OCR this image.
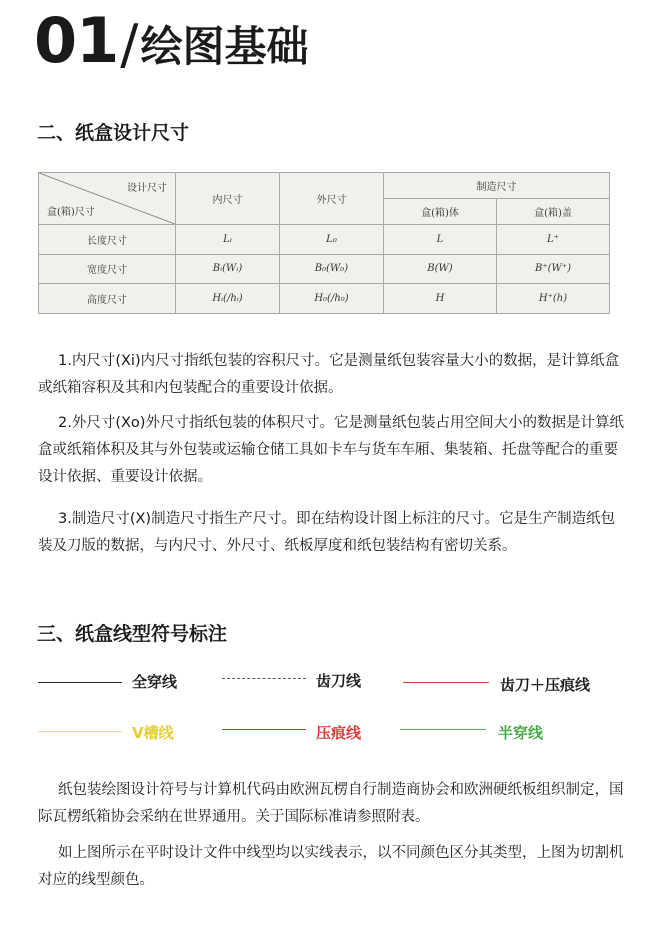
01 / 绘图基础
二、纸盒设计尺寸
设计尺寸
盒(箱)尺寸	内尺寸	外尺寸	制造尺寸	
			盒(箱)体	盒(箱)盖
长度尺寸	Lᵢ	L₀	L	L⁺
宽度尺寸	Bᵢ(Wᵢ)	B₀(W₀)	B(W)	B⁺(W⁺)
高度尺寸	Hᵢ(/hᵢ)	H₀(/h₀)	H	H⁺(h)

1.内尺寸(Xi)内尺寸指纸包装的容积尺寸。它是测量纸包装容量大小的数据，是计算纸盒或纸箱容积及其和内包装配合的重要设计依据。

2.外尺寸(Xo)外尺寸指纸包装的体积尺寸。它是测量纸包装占用空间大小的数据是计算纸盒或纸箱体积及其与外包装或运输仓储工具如卡车与货车车厢、集装箱、托盘等配合的重要设计依据、重要设计依据。

3.制造尺寸(X)制造尺寸指生产尺寸。即在结构设计图上标注的尺寸。它是生产制造纸包装及刀版的数据，与内尺寸、外尺寸、纸板厚度和纸包装结构有密切关系。

三、纸盒线型符号标注
全穿线	齿刀线	齿刀＋压痕线
V槽线	压痕线	半穿线

纸包装绘图设计符号与计算机代码由欧洲瓦楞自行制造商协会和欧洲硬纸板组织制定，国际瓦楞纸箱协会采纳在世界通用。关于国际标准请参照附表。

如上图所示在平时设计文件中线型均以实线表示，以不同颜色区分其类型，上图为切割机对应的线型颜色。
